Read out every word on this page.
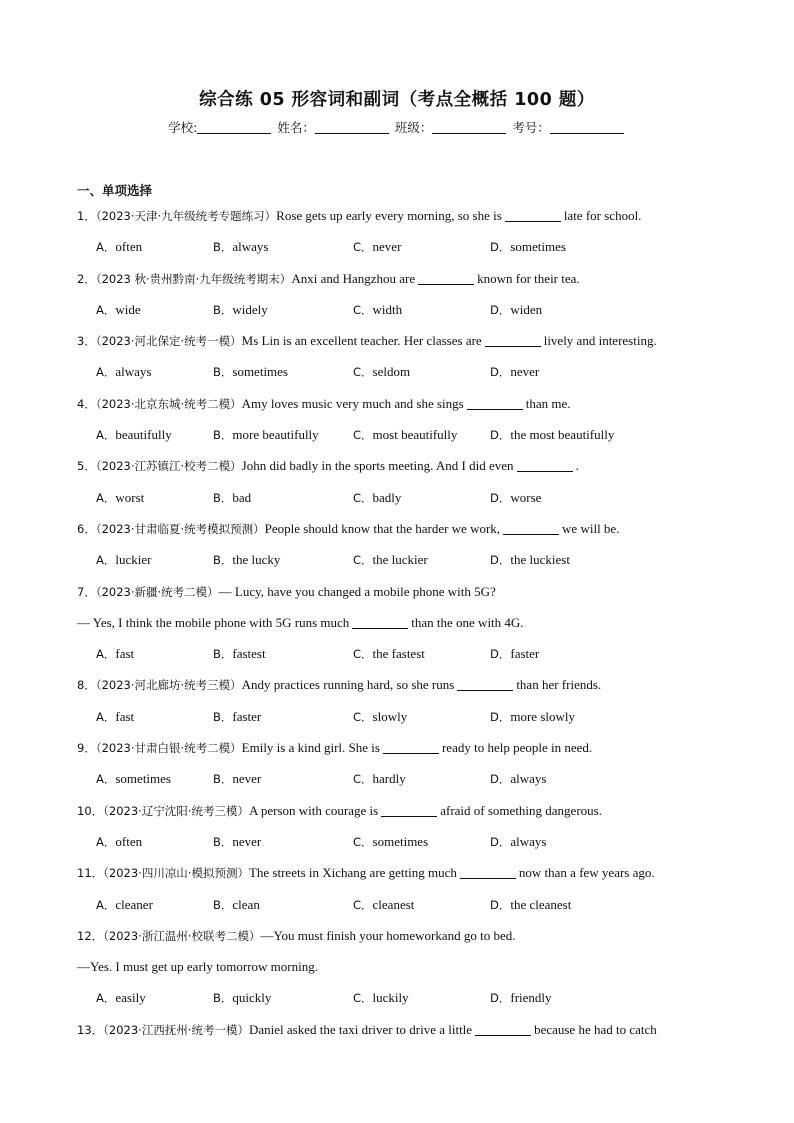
综合练 05 形容词和副词（考点全概括 100 题）
学校:	姓名：	班级：	考号：
一、单项选择
1．（2023·天津·九年级统考专题练习）Rose gets up early every morning, so she is	late for school.
A．often	B．always	C．never	D．sometimes
2．（2023 秋·贵州黔南·九年级统考期末）Anxi and Hangzhou are	known for their tea.
A．wide	B．widely	C．width	D．widen
3．（2023·河北保定·统考一模）Ms Lin is an excellent teacher. Her classes are	lively and interesting.
A．always	B．sometimes	C．seldom	D．never
4．（2023·北京东城·统考二模）Amy loves music very much and she sings	than me.
A．beautifully	B．more beautifully	C．most beautifully	D．the most beautifully
5．（2023·江苏镇江·校考二模）John did badly in the sports meeting. And I did even	.
A．worst	B．bad	C．badly	D．worse
6．（2023·甘肃临夏·统考模拟预测）People should know that the harder we work,	we will be.
A．luckier	B．the lucky	C．the luckier	D．the luckiest
7．（2023·新疆·统考二模）— Lucy, have you changed a mobile phone with 5G?
— Yes, I think the mobile phone with 5G runs much	than the one with 4G.
A．fast	B．fastest	C．the fastest	D．faster
8．（2023·河北廊坊·统考三模）Andy practices running hard, so she runs	than her friends.
A．fast	B．faster	C．slowly	D．more slowly
9．（2023·甘肃白银·统考二模）Emily is a kind girl. She is	ready to help people in need.
A．sometimes	B．never	C．hardly	D．always
10．（2023·辽宁沈阳·统考三模）A person with courage is	afraid of something dangerous.
A．often	B．never	C．sometimes	D．always
11．（2023·四川凉山·模拟预测）The streets in Xichang are getting much	now than a few years ago.
A．cleaner	B．clean	C．cleanest	D．the cleanest
12．（2023·浙江温州·校联考二模）—You must finish your homeworkand go to bed.
—Yes. I must get up early tomorrow morning.
A．easily	B．quickly	C．luckily	D．friendly
13．（2023·江西抚州·统考一模）Daniel asked the taxi driver to drive a little	because he had to catch
